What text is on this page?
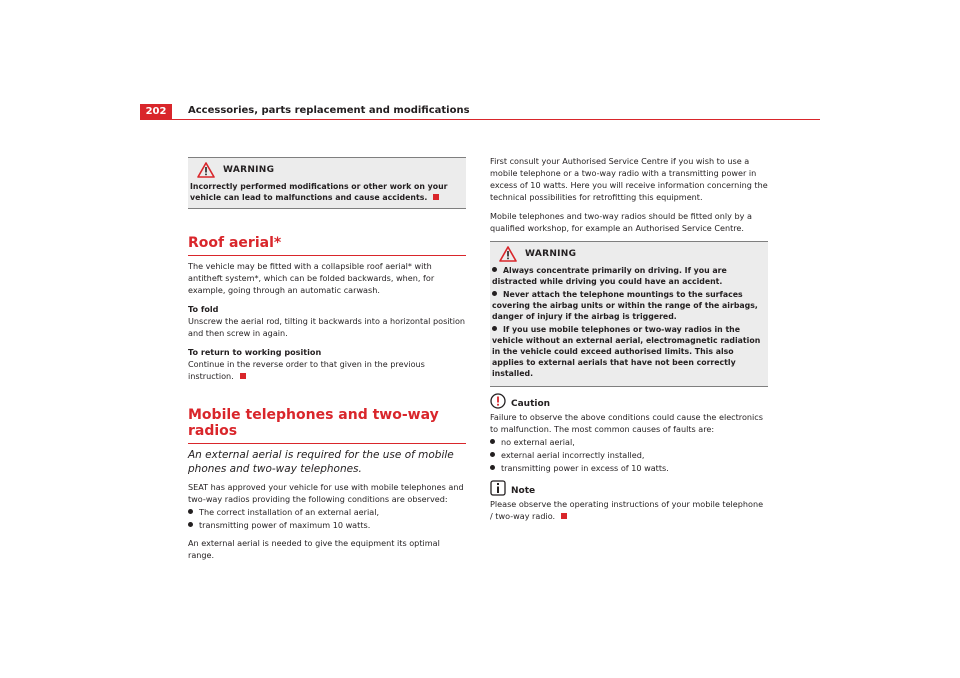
202	Accessories, parts replacement and modifications
WARNING

Incorrectly performed modifications or other work on your vehicle can lead to malfunctions and cause accidents.

Roof aerial*

The vehicle may be fitted with a collapsible roof aerial* with antitheft system*, which can be folded backwards, when, for example, going through an automatic carwash.

To fold

Unscrew the aerial rod, tilting it backwards into a horizontal position and then screw in again.

To return to working position

Continue in the reverse order to that given in the previous instruction.

Mobile telephones and two-way radios

An external aerial is required for the use of mobile phones and two-way telephones.

SEAT has approved your vehicle for use with mobile telephones and two-way radios providing the following conditions are observed:

The correct installation of an external aerial,
transmitting power of maximum 10 watts.

An external aerial is needed to give the equipment its optimal range.

First consult your Authorised Service Centre if you wish to use a mobile telephone or a two-way radio with a transmitting power in excess of 10 watts. Here you will receive information concerning the technical possibilities for retrofitting this equipment.

Mobile telephones and two-way radios should be fitted only by a qualified workshop, for example an Authorised Service Centre.

WARNING
Always concentrate primarily on driving. If you are distracted while driving you could have an accident.
Never attach the telephone mountings to the surfaces covering the airbag units or within the range of the airbags, danger of injury if the airbag is triggered.
If you use mobile telephones or two-way radios in the vehicle without an external aerial, electromagnetic radiation in the vehicle could exceed authorised limits. This also applies to external aerials that have not been correctly installed.
Caution

Failure to observe the above conditions could cause the electronics to malfunction. The most common causes of faults are:

no external aerial,
external aerial incorrectly installed,
transmitting power in excess of 10 watts.
Note

Please observe the operating instructions of your mobile telephone / two-way radio.
